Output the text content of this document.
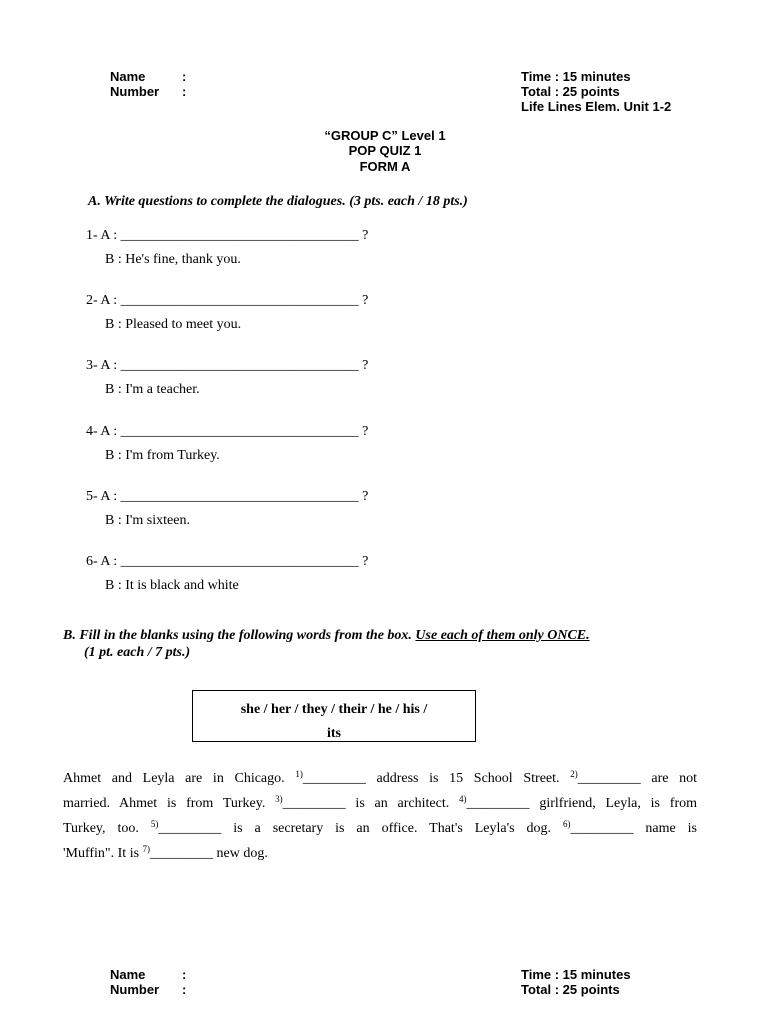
Name	:
Number :
Time : 15 minutes
Total : 25 points
Life Lines Elem. Unit 1-2
“GROUP C” Level 1
POP QUIZ 1
FORM A
A. Write questions to complete the dialogues. (3 pts. each / 18 pts.)
1- A : __________________________________ ?
B : He's fine, thank you.
2- A : __________________________________ ?
B : Pleased to meet you.
3- A : __________________________________ ?
B : I'm a teacher.
4- A : __________________________________ ?
B : I'm from Turkey.
5- A : __________________________________ ?
B : I'm sixteen.
6- A : __________________________________ ?
B : It is black and white
B. Fill in the blanks using the following words from the box. Use each of them only ONCE.
(1 pt. each / 7 pts.)
she / her / they / their / he / his /
its
Ahmet and Leyla are in Chicago. $^{1)}$_________ address is 15 School Street. $^{2)}$_________ are not
married. Ahmet is from Turkey. $^{3)}$_________ is an architect. $^{4)}$_________ girlfriend, Leyla, is from
Turkey, too. $^{5)}$_________ is a secretary is an office. That's Leyla's dog. $^{6)}$_________ name is
'Muffin". It is $^{7)}$_________ new dog.
Name	:
Number :
Time : 15 minutes
Total : 25 points
